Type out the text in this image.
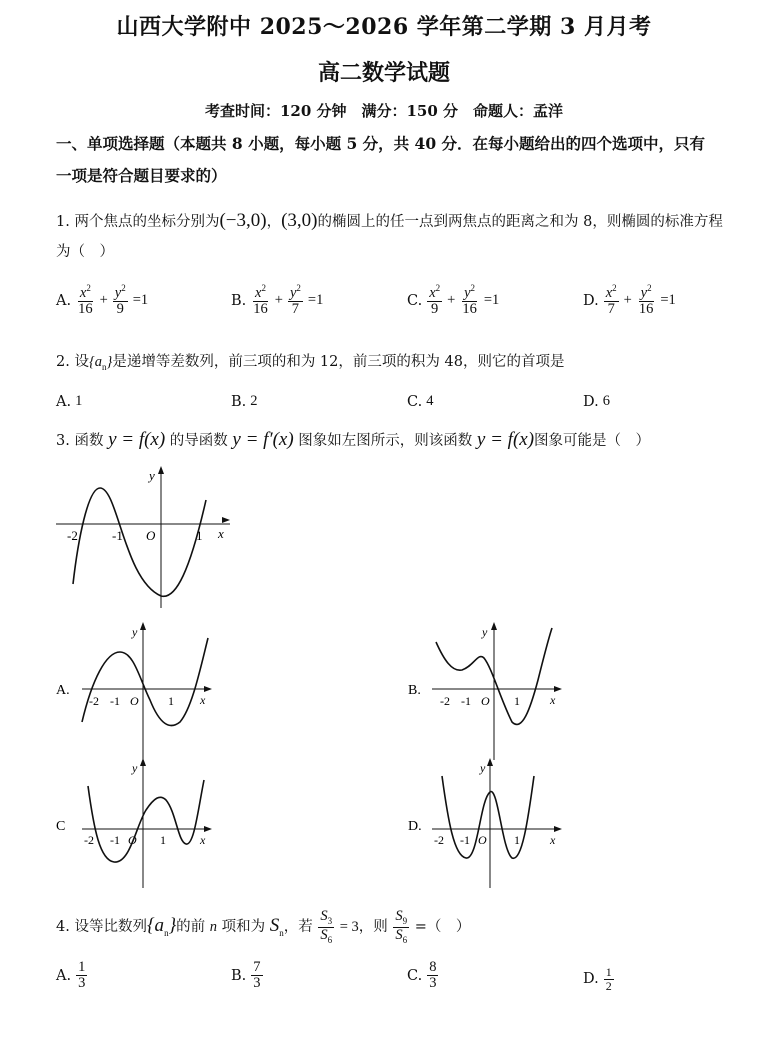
山西大学附中 2025～2026 学年第二学期 3 月月考
高二数学试题
考查时间：120 分钟　满分：150 分　命题人：孟洋
一、单项选择题（本题共 8 小题，每小题 5 分，共 40 分．在每小题给出的四个选项中，只有
一项是符合题目要求的）
1. 两个焦点的坐标分别为(−3,0)，(3,0)的椭圆上的任一点到两焦点的距离之和为 8，则椭圆的标准方程
为（　）
A. $\frac{x^2}{16} + \frac{y^2}{9} =1$	B. $\frac{x^2}{16} + \frac{y^2}{7} =1$	C. $\frac{x^2}{9} + \frac{y^2}{16} =1$	D. $\frac{x^2}{7} + \frac{y^2}{16} =1$
2. 设$\{a_n\}$是递增等差数列，前三项的和为 12，前三项的积为 48，则它的首项是
A. 1	B. 2	C. 4	D. 6
3. 函数 y = f(x) 的导函数 y = f′(x) 图象如左图所示，则该函数 y = f(x)图象可能是（　）
-2	-1 O	1 x
y
A.
-2 -1 O 1 x
y
B.
-2 -1 O 1	x
y
C
-2 -1 O 1	x
y
D.
-2 -1 O 1	x
y
4. 设等比数列$\{a_n\}$的前 n 项和为 $S_n$，若 $\frac{S_3}{S_6} = 3$，则 $\frac{S_9}{S_6}$ =（　）
A. $\frac{1}{3}$	B. $\frac{7}{3}$	C. $\frac{8}{3}$	D. $\frac{1}{2}$
